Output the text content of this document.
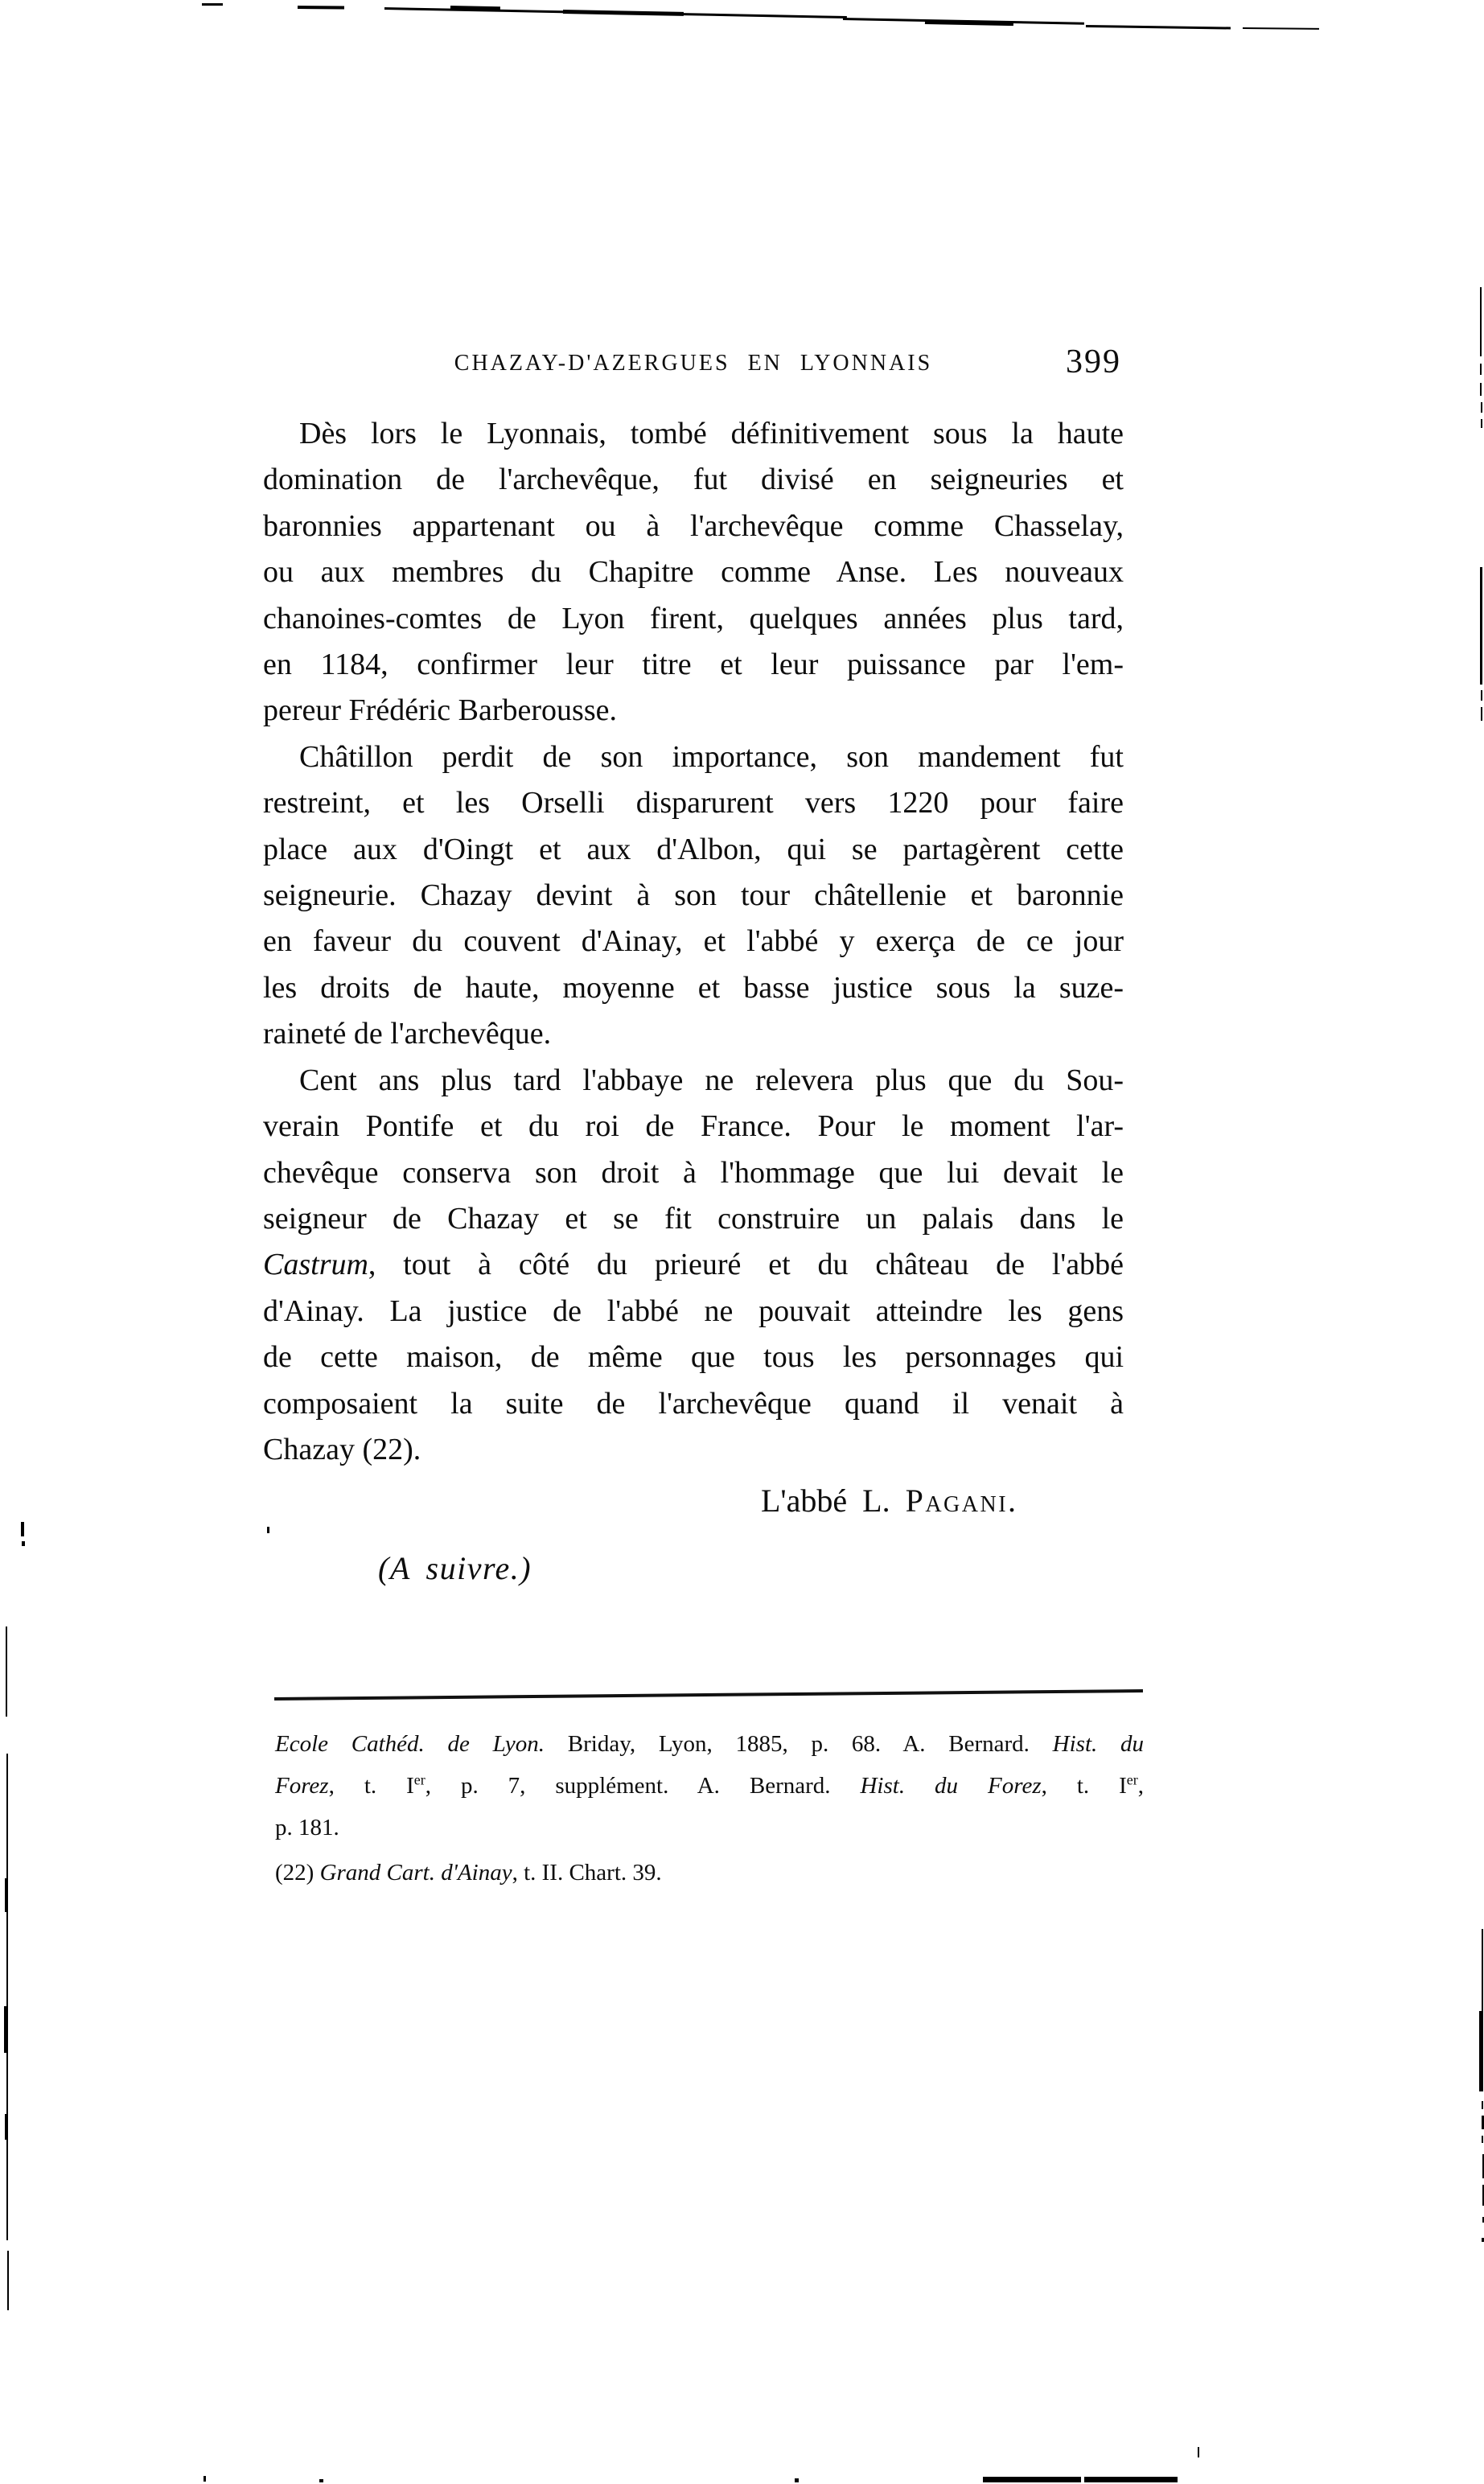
CHAZAY-D'AZERGUES EN LYONNAIS	399
Dès lors le Lyonnais, tombé définitivement sous la haute
domination de l'archevêque, fut divisé en seigneuries et
baronnies appartenant ou à l'archevêque comme Chasselay,
ou aux membres du Chapitre comme Anse. Les nouveaux
chanoines-comtes de Lyon firent, quelques années plus tard,
en 1184, confirmer leur titre et leur puissance par l'em-
pereur Frédéric Barberousse.
Châtillon perdit de son importance, son mandement fut
restreint, et les Orselli disparurent vers 1220 pour faire
place aux d'Oingt et aux d'Albon, qui se partagèrent cette
seigneurie. Chazay devint à son tour châtellenie et baronnie
en faveur du couvent d'Ainay, et l'abbé y exerça de ce jour
les droits de haute, moyenne et basse justice sous la suze-
raineté de l'archevêque.
Cent ans plus tard l'abbaye ne relevera plus que du Sou-
verain Pontife et du roi de France. Pour le moment l'ar-
chevêque conserva son droit à l'hommage que lui devait le
seigneur de Chazay et se fit construire un palais dans le
Castrum, tout à côté du prieuré et du château de l'abbé
d'Ainay. La justice de l'abbé ne pouvait atteindre les gens
de cette maison, de même que tous les personnages qui
composaient la suite de l'archevêque quand il venait à
Chazay (22).
L'abbé L. Pagani.
(A suivre.)
Ecole Cathéd. de Lyon. Briday, Lyon, 1885, p. 68. A. Bernard. Hist. du
Forez, t. Ier, p. 7, supplément. A. Bernard. Hist. du Forez, t. Ier,
p. 181.
(22) Grand Cart. d'Ainay, t. II. Chart. 39.
